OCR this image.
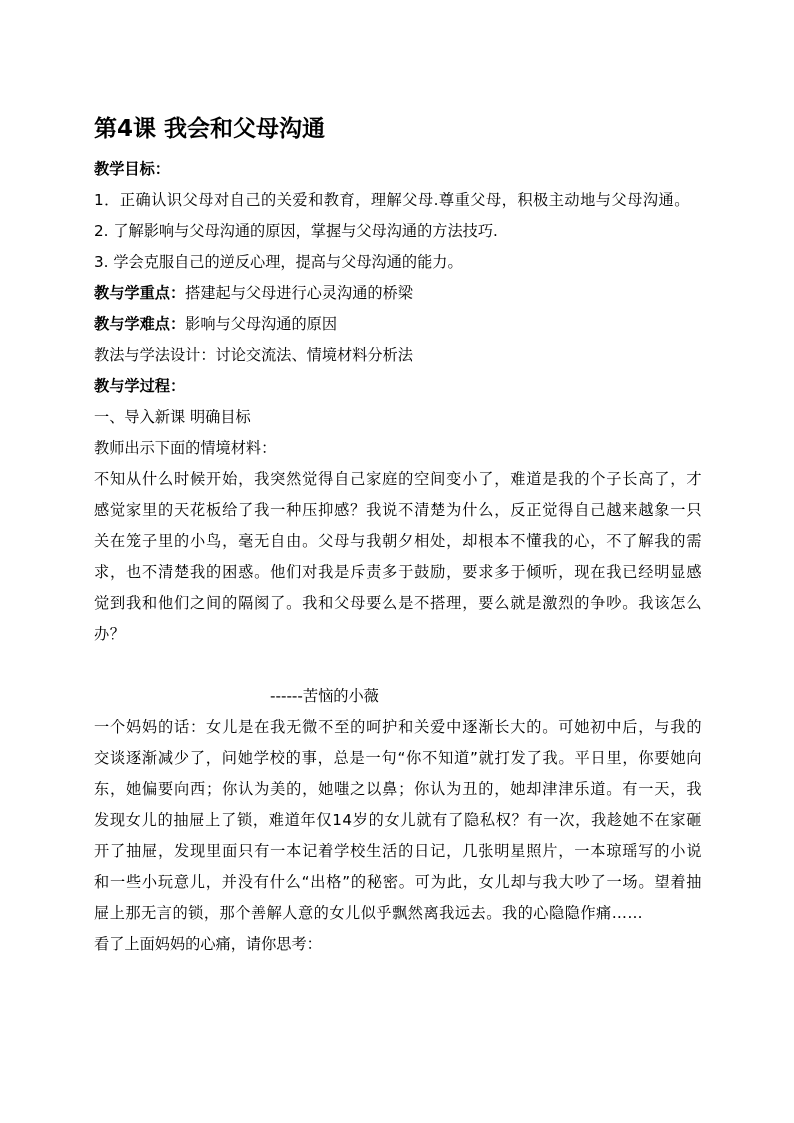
第4课 我会和父母沟通

教学目标：

1．正确认识父母对自己的关爱和教育，理解父母.尊重父母，积极主动地与父母沟通。

2. 了解影响与父母沟通的原因，掌握与父母沟通的方法技巧.

3. 学会克服自己的逆反心理，提高与父母沟通的能力。

教与学重点：搭建起与父母进行心灵沟通的桥梁

教与学难点：影响与父母沟通的原因

教法与学法设计：讨论交流法、情境材料分析法

教与学过程：

一、导入新课 明确目标

教师出示下面的情境材料：

不知从什么时候开始，我突然觉得自己家庭的空间变小了，难道是我的个子长高了，才感觉家里的天花板给了我一种压抑感？我说不清楚为什么，反正觉得自己越来越象一只关在笼子里的小鸟，毫无自由。父母与我朝夕相处，却根本不懂我的心，不了解我的需求，也不清楚我的困惑。他们对我是斥责多于鼓励，要求多于倾听，现在我已经明显感觉到我和他们之间的隔阂了。我和父母要么是不搭理，要么就是激烈的争吵。我该怎么办？

------苦恼的小薇

一个妈妈的话：女儿是在我无微不至的呵护和关爱中逐渐长大的。可她初中后，与我的交谈逐渐减少了，问她学校的事，总是一句“你不知道”就打发了我。平日里，你要她向东，她偏要向西；你认为美的，她嗤之以鼻；你认为丑的，她却津津乐道。有一天，我发现女儿的抽屉上了锁，难道年仅14岁的女儿就有了隐私权？有一次，我趁她不在家砸开了抽屉，发现里面只有一本记着学校生活的日记，几张明星照片，一本琼瑶写的小说和一些小玩意儿，并没有什么“出格”的秘密。可为此，女儿却与我大吵了一场。望着抽屉上那无言的锁，那个善解人意的女儿似乎飘然离我远去。我的心隐隐作痛……

看了上面妈妈的心痛，请你思考：
